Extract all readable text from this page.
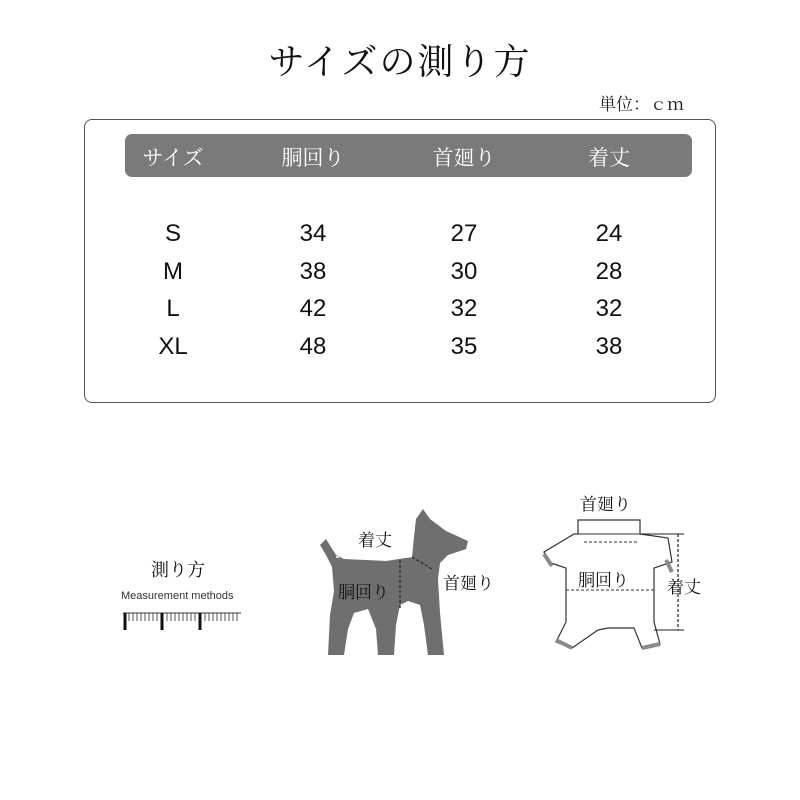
サイズの測り方
単位：ｃｍ
サイズ	胴回り	首廻り	着丈
S	34	27	24
M	38	30	28
L	42	32	32
XL	48	35	38
測り方
Measurement methods
着丈
胴回り	首廻り
首廻り
胴回り 着丈
